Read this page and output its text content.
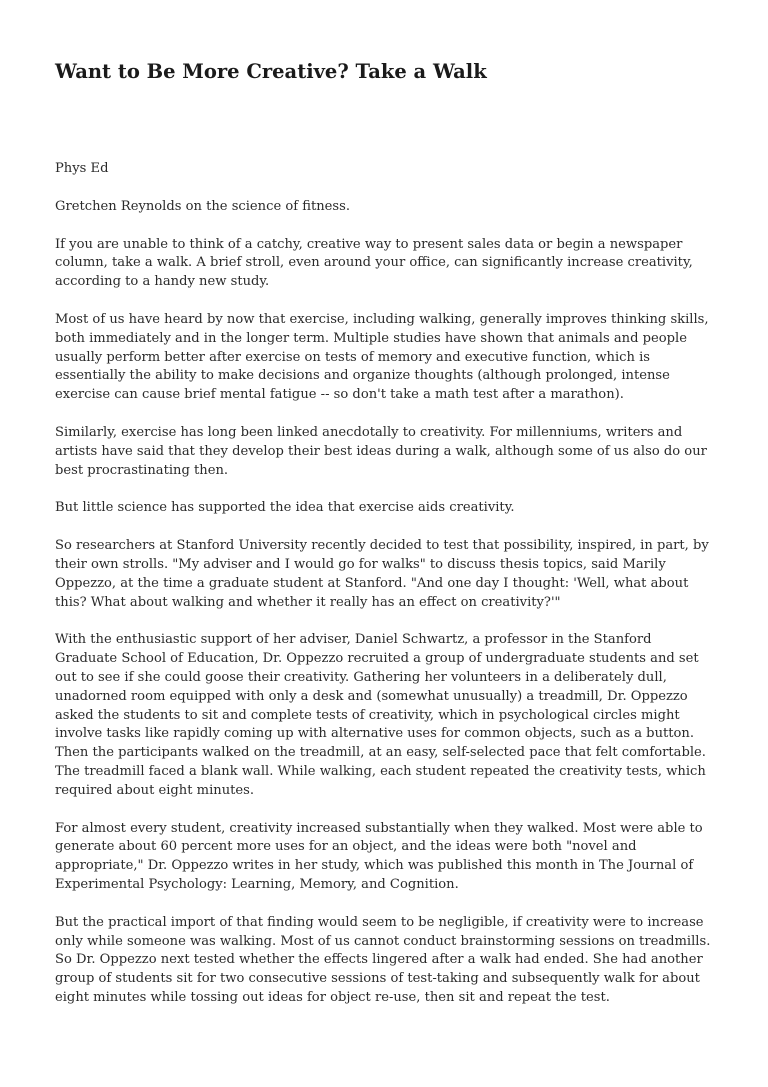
Want to Be More Creative? Take a Walk

Phys Ed

Gretchen Reynolds on the science of fitness.

If you are unable to think of a catchy, creative way to present sales data or begin a newspaper column, take a walk. A brief stroll, even around your office, can significantly increase creativity, according to a handy new study.

Most of us have heard by now that exercise, including walking, generally improves thinking skills, both immediately and in the longer term. Multiple studies have shown that animals and people usually perform better after exercise on tests of memory and executive function, which is essentially the ability to make decisions and organize thoughts (although prolonged, intense exercise can cause brief mental fatigue -- so don't take a math test after a marathon).

Similarly, exercise has long been linked anecdotally to creativity. For millenniums, writers and artists have said that they develop their best ideas during a walk, although some of us also do our best procrastinating then.

But little science has supported the idea that exercise aids creativity.

So researchers at Stanford University recently decided to test that possibility, inspired, in part, by their own strolls. "My adviser and I would go for walks" to discuss thesis topics, said Marily Oppezzo, at the time a graduate student at Stanford. "And one day I thought: 'Well, what about this? What about walking and whether it really has an effect on creativity?'"

With the enthusiastic support of her adviser, Daniel Schwartz, a professor in the Stanford Graduate School of Education, Dr. Oppezzo recruited a group of undergraduate students and set out to see if she could goose their creativity. Gathering her volunteers in a deliberately dull, unadorned room equipped with only a desk and (somewhat unusually) a treadmill, Dr. Oppezzo asked the students to sit and complete tests of creativity, which in psychological circles might involve tasks like rapidly coming up with alternative uses for common objects, such as a button. Then the participants walked on the treadmill, at an easy, self-selected pace that felt comfortable. The treadmill faced a blank wall. While walking, each student repeated the creativity tests, which required about eight minutes.

For almost every student, creativity increased substantially when they walked. Most were able to generate about 60 percent more uses for an object, and the ideas were both "novel and appropriate," Dr. Oppezzo writes in her study, which was published this month in The Journal of Experimental Psychology: Learning, Memory, and Cognition.

But the practical import of that finding would seem to be negligible, if creativity were to increase only while someone was walking. Most of us cannot conduct brainstorming sessions on treadmills. So Dr. Oppezzo next tested whether the effects lingered after a walk had ended. She had another group of students sit for two consecutive sessions of test-taking and subsequently walk for about eight minutes while tossing out ideas for object re-use, then sit and repeat the test.
